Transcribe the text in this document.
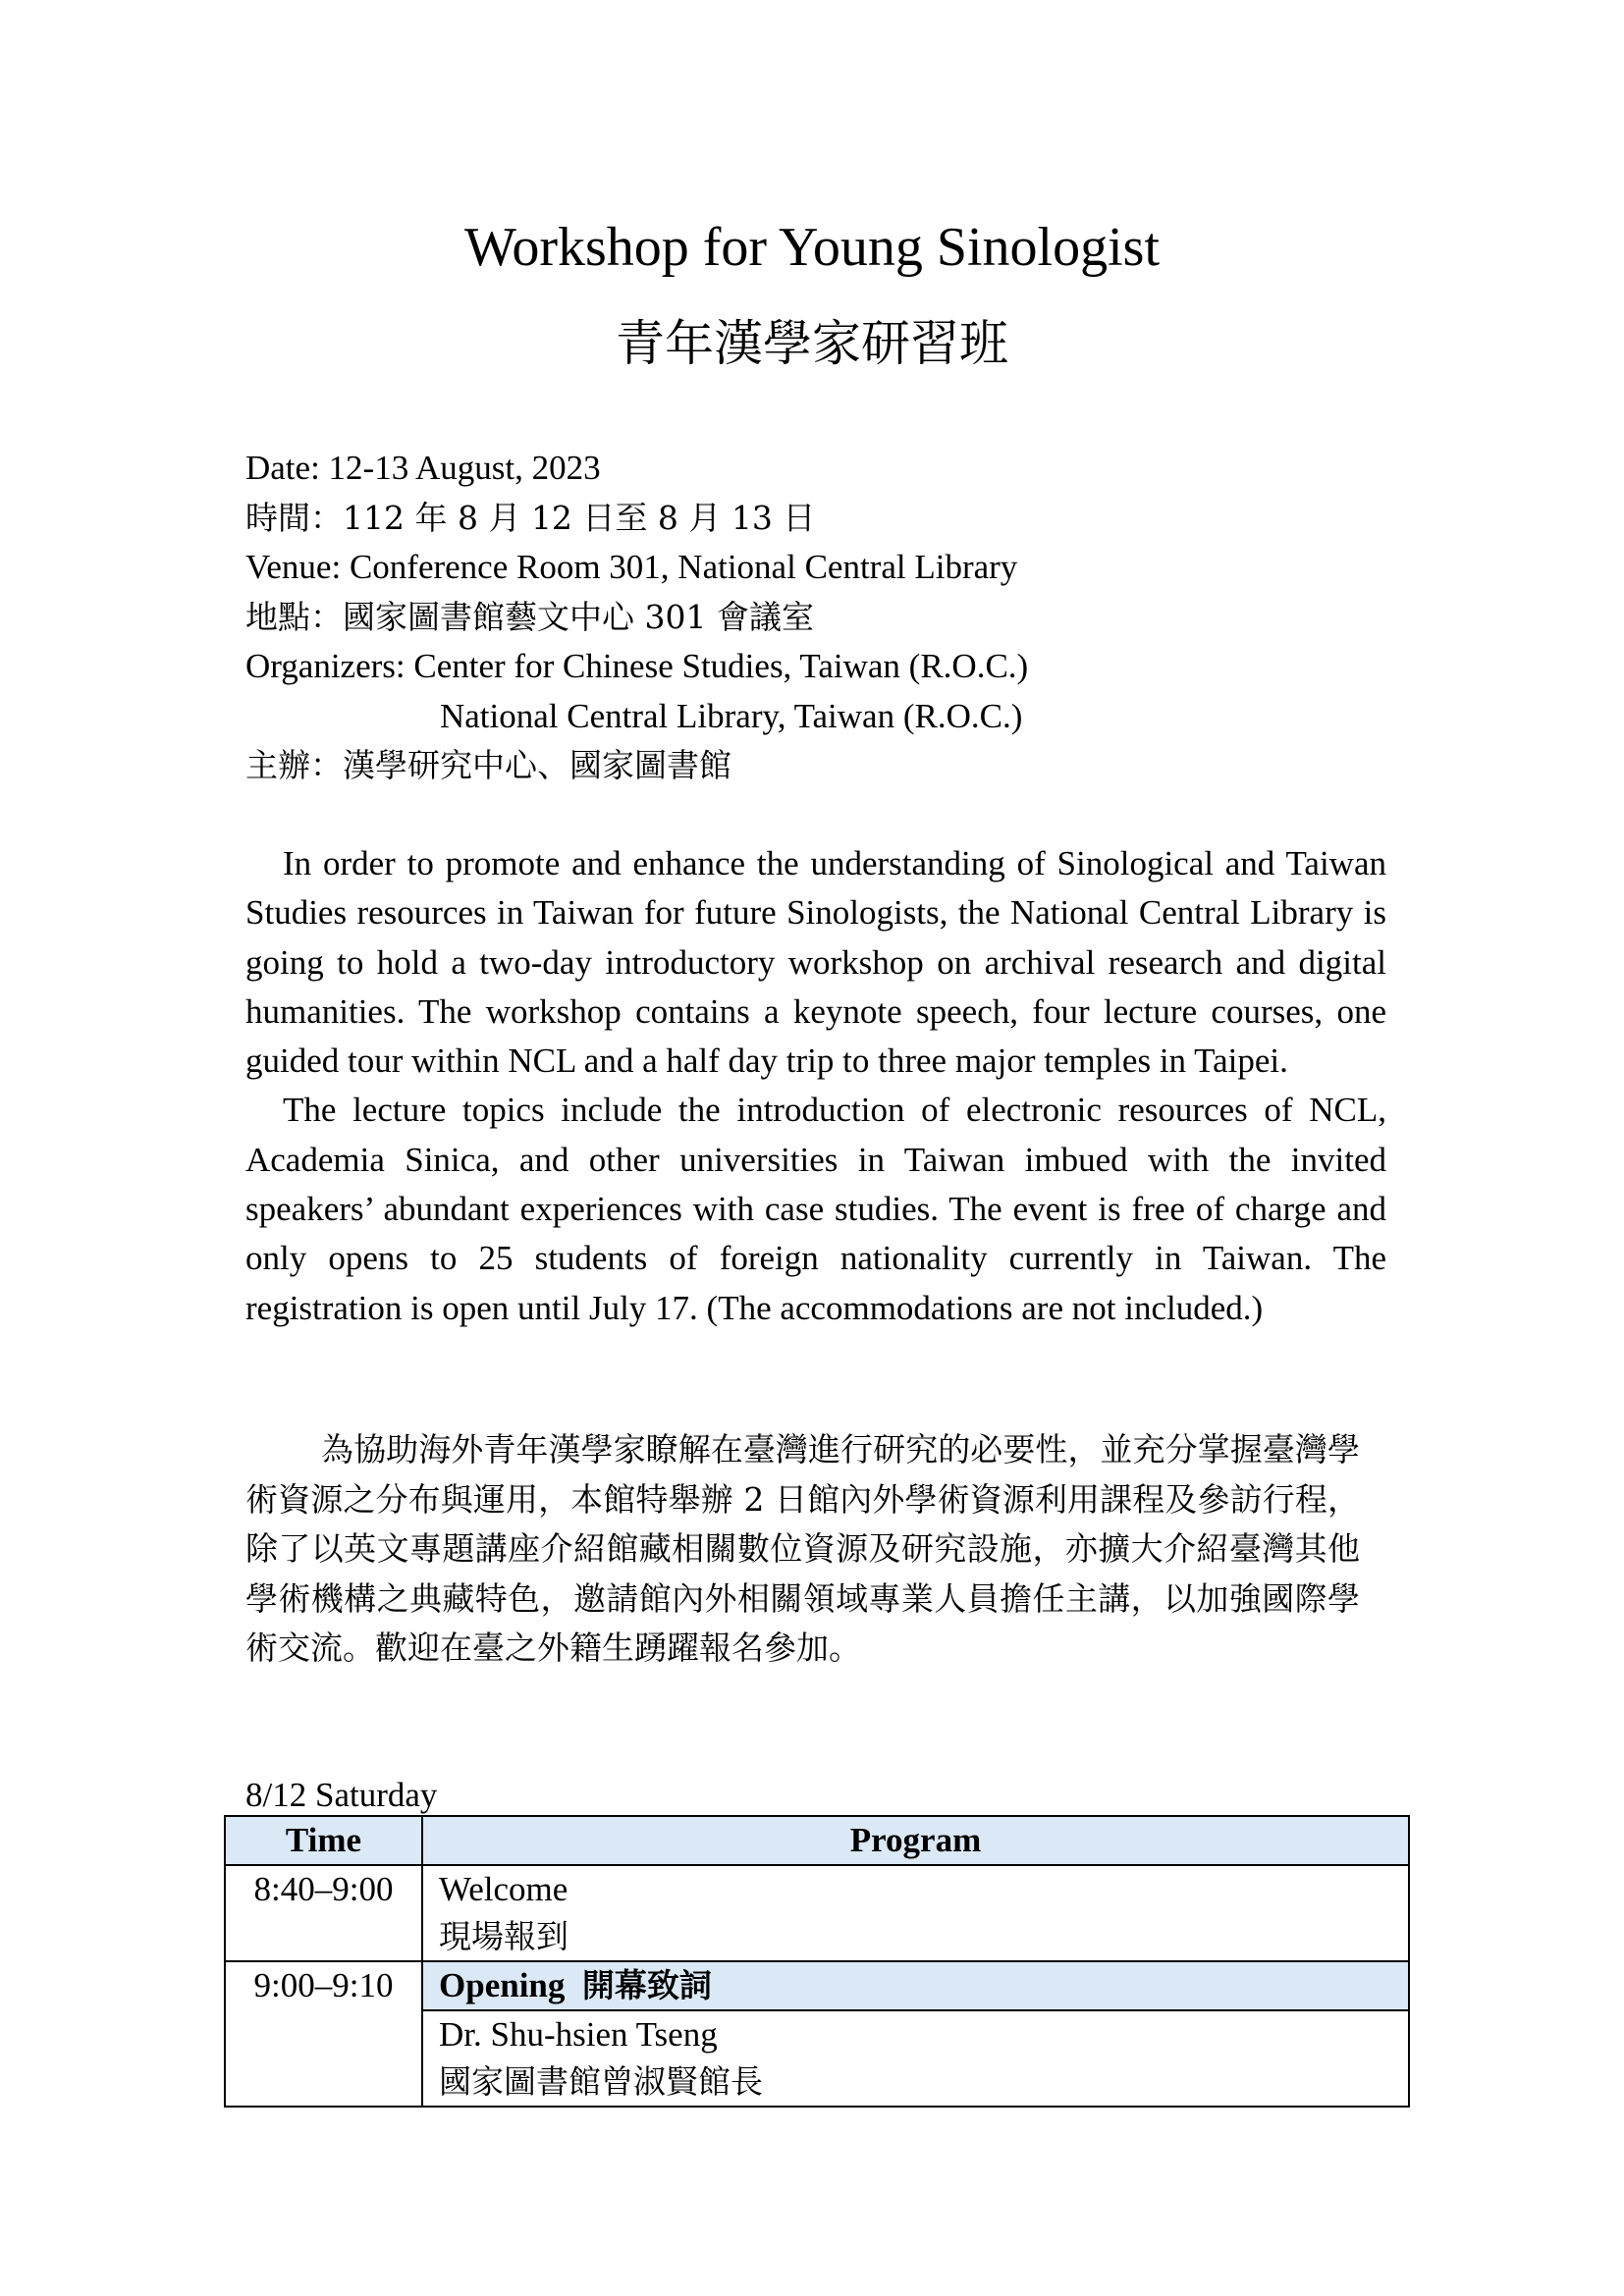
Workshop for Young Sinologist
青年漢學家研習班
Date: 12-13 August, 2023
時間：112 年 8 月 12 日至 8 月 13 日
Venue: Conference Room 301, National Central Library
地點：國家圖書館藝文中心 301 會議室
Organizers: Center for Chinese Studies, Taiwan (R.O.C.)
National Central Library, Taiwan (R.O.C.)
主辦：漢學研究中心、國家圖書館

In order to promote and enhance the understanding of Sinological and Taiwan Studies resources in Taiwan for future Sinologists, the National Central Library is going to hold a two-day introductory workshop on archival research and digital humanities. The workshop contains a keynote speech, four lecture courses, one guided tour within NCL and a half day trip to three major temples in Taipei.

The lecture topics include the introduction of electronic resources of NCL, Academia Sinica, and other universities in Taiwan imbued with the invited speakers’ abundant experiences with case studies. The event is free of charge and only opens to 25 students of foreign nationality currently in Taiwan. The registration is open until July 17. (The accommodations are not included.)

為協助海外青年漢學家瞭解在臺灣進行研究的必要性，並充分掌握臺灣學術資源之分布與運用，本館特舉辦 2 日館內外學術資源利用課程及參訪行程，除了以英文專題講座介紹館藏相關數位資源及研究設施，亦擴大介紹臺灣其他學術機構之典藏特色，邀請館內外相關領域專業人員擔任主講，以加強國際學術交流。歡迎在臺之外籍生踴躍報名參加。

8/12 Saturday
Time	Program
8:40–9:00	Welcome
現場報到

9:00–9:10	Opening 開幕致詞

	Dr. Shu-hsien Tseng
國家圖書館曾淑賢館長
